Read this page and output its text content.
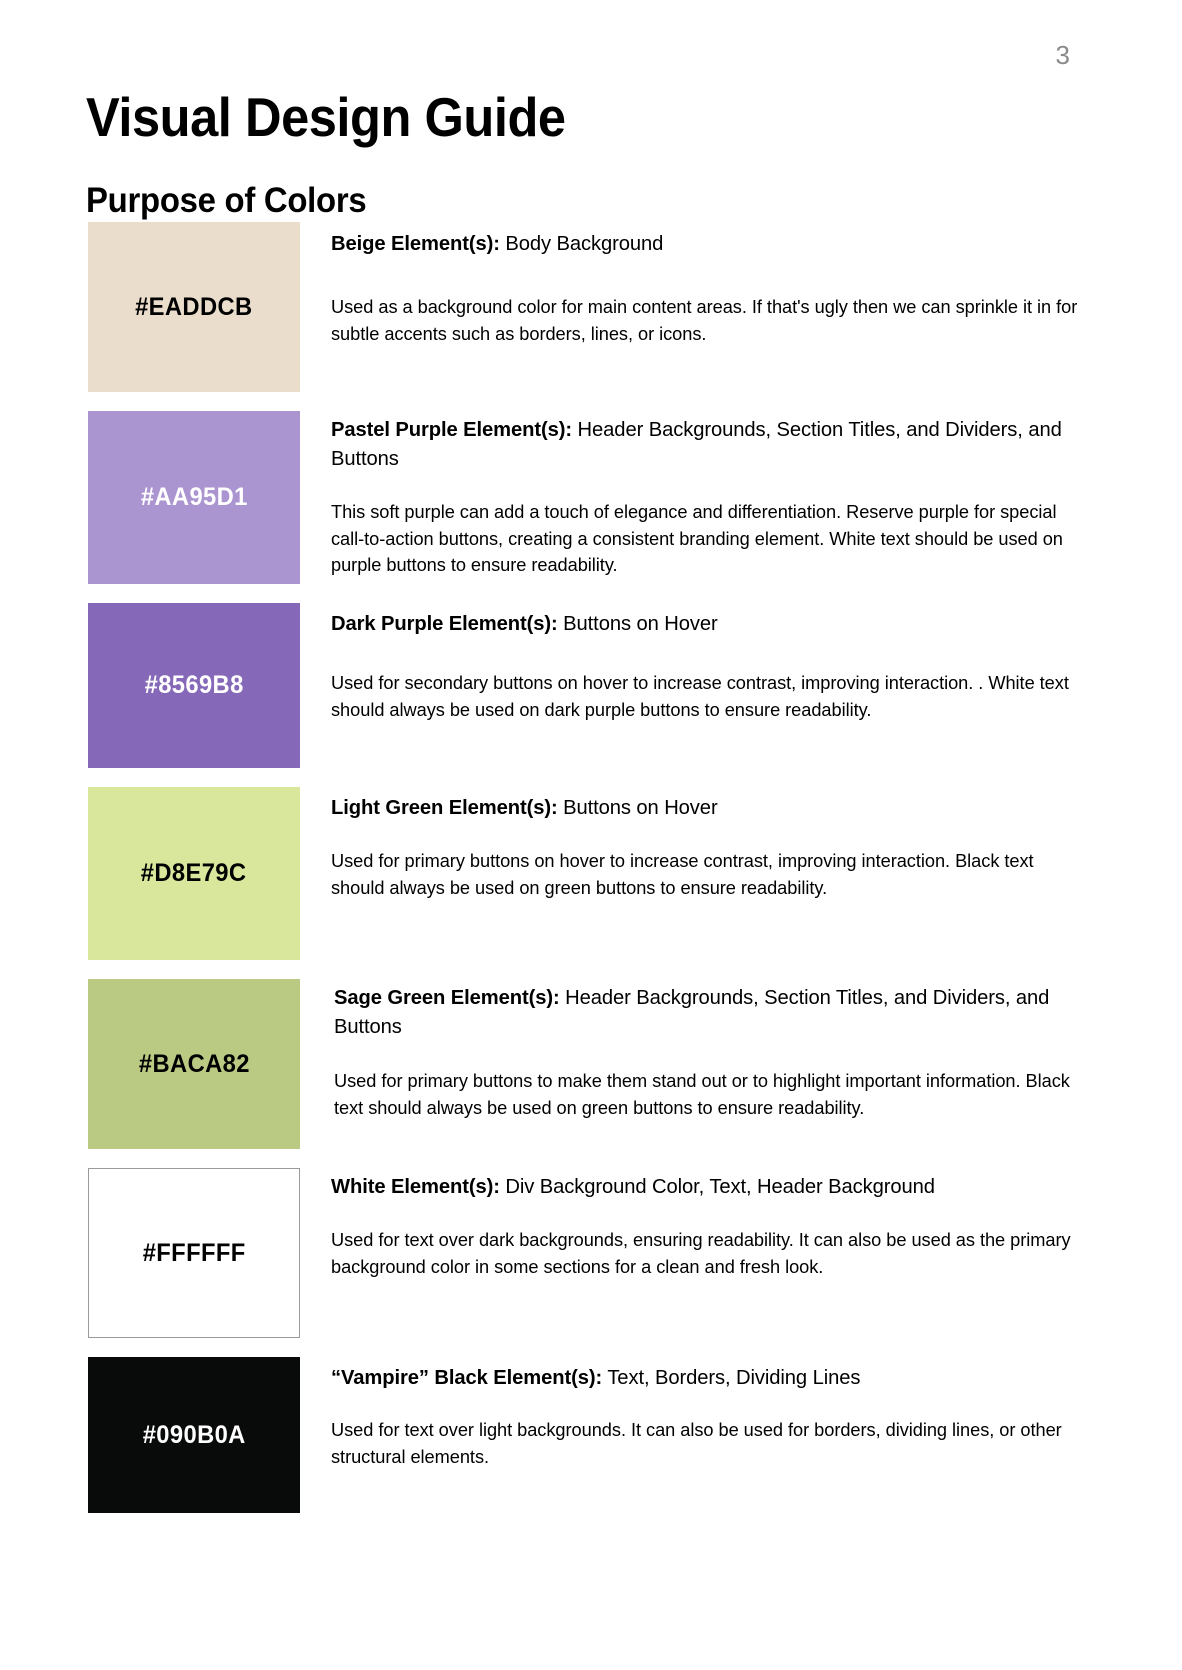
3
Visual Design Guide
Purpose of Colors
#EADDCB

Beige Element(s): Body Background

Used as a background color for main content areas. If that's ugly then we can sprinkle it in for subtle accents such as borders, lines, or icons.

#AA95D1

Pastel Purple Element(s): Header Backgrounds, Section Titles, and Dividers, and Buttons

This soft purple can add a touch of elegance and differentiation. Reserve purple for special call-to-action buttons, creating a consistent branding element. White text should be used on purple buttons to ensure readability.

#8569B8

Dark Purple Element(s): Buttons on Hover

Used for secondary buttons on hover to increase contrast, improving interaction. . White text should always be used on dark purple buttons to ensure readability.

#D8E79C

Light Green Element(s): Buttons on Hover

Used for primary buttons on hover to increase contrast, improving interaction. Black text should always be used on green buttons to ensure readability.

#BACA82

Sage Green Element(s): Header Backgrounds, Section Titles, and Dividers, and Buttons

Used for primary buttons to make them stand out or to highlight important information. Black text should always be used on green buttons to ensure readability.

#FFFFFF

White Element(s): Div Background Color, Text, Header Background

Used for text over dark backgrounds, ensuring readability. It can also be used as the primary background color in some sections for a clean and fresh look.

#090B0A

“Vampire” Black Element(s): Text, Borders, Dividing Lines

Used for text over light backgrounds. It can also be used for borders, dividing lines, or other structural elements.
